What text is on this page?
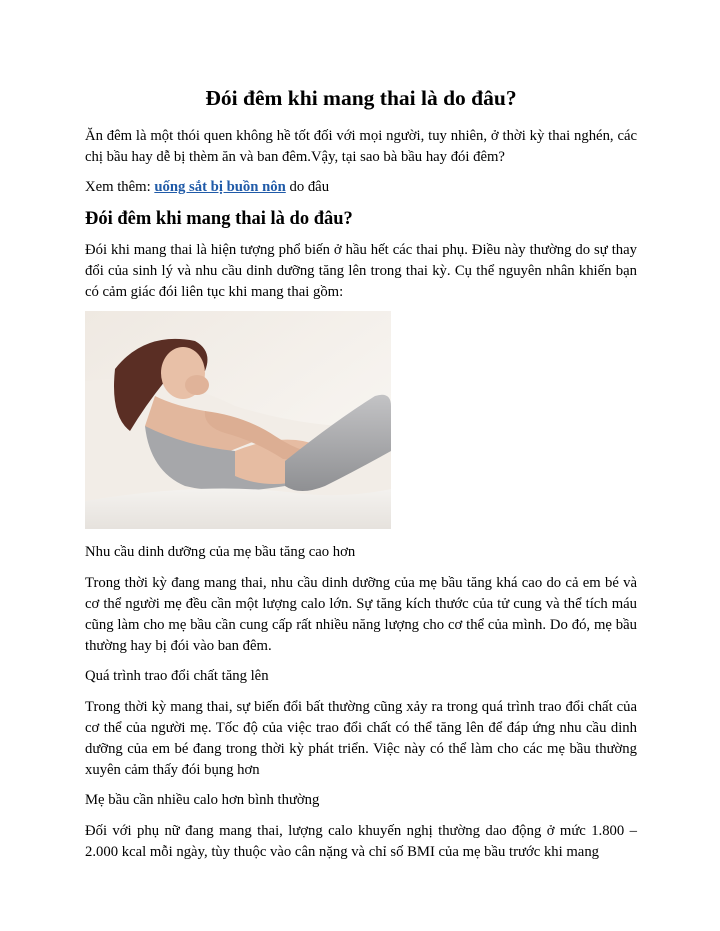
Đói đêm khi mang thai là do đâu?

Ăn đêm là một thói quen không hề tốt đối với mọi người, tuy nhiên, ở thời kỳ thai nghén, các chị bầu hay dễ bị thèm ăn và ban đêm.Vậy, tại sao bà bầu hay đói đêm?

Xem thêm: uống sắt bị buồn nôn do đâu

Đói đêm khi mang thai là do đâu?

Đói khi mang thai là hiện tượng phổ biến ở hầu hết các thai phụ. Điều này thường do sự thay đổi của sinh lý và nhu cầu dinh dưỡng tăng lên trong thai kỳ. Cụ thể nguyên nhân khiến bạn có cảm giác đói liên tục khi mang thai gồm:

Nhu cầu dinh dưỡng của mẹ bầu tăng cao hơn

Trong thời kỳ đang mang thai, nhu cầu dinh dưỡng của mẹ bầu tăng khá cao do cả em bé và cơ thể người mẹ đều cần một lượng calo lớn. Sự tăng kích thước của tử cung và thể tích máu cũng làm cho mẹ bầu cần cung cấp rất nhiều năng lượng cho cơ thể của mình. Do đó, mẹ bầu thường hay bị đói vào ban đêm.

Quá trình trao đổi chất tăng lên

Trong thời kỳ mang thai, sự biến đổi bất thường cũng xảy ra trong quá trình trao đổi chất của cơ thể của người mẹ. Tốc độ của việc trao đổi chất có thể tăng lên để đáp ứng nhu cầu dinh dưỡng của em bé đang trong thời kỳ phát triển. Việc này có thể làm cho các mẹ bầu thường xuyên cảm thấy đói bụng hơn

Mẹ bầu cần nhiều calo hơn bình thường

Đối với phụ nữ đang mang thai, lượng calo khuyến nghị thường dao động ở mức 1.800 – 2.000 kcal mỗi ngày, tùy thuộc vào cân nặng và chỉ số BMI của mẹ bầu trước khi mang
